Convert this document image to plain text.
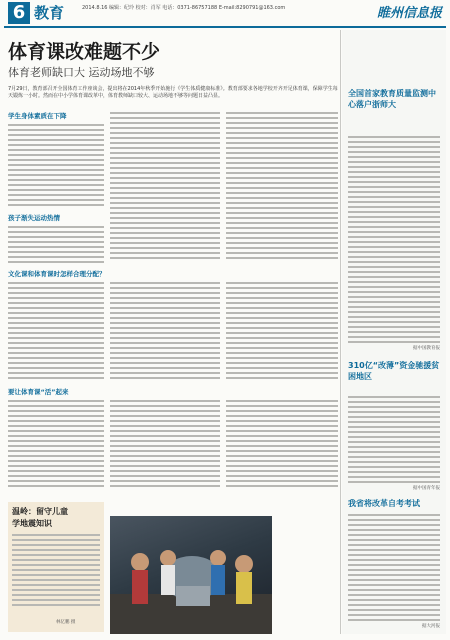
6 教育	2014.8.16 编辑：纪玲 校对：肖军 电话：0371-86757188 E-mail:8290791@163.com	睢州信息报
体育课改难题不少
体育老师缺口大 运动场地不够
7月29日，教育部召开全国体育工作座谈会，提出将在2014年秋季开始施行《学生体质健康标准》。教育部要求各地学校开齐开足体育课，保障学生每天锻炼一小时。然而在中小学体育课改革中，体育教师缺口较大、运动场地不够等问题日益凸显。
学生身体素质在下降
孩子渐失运动热情
文化课和体育课时怎样合理分配？
要让体育课“活”起来
温岭：留守儿童
学地震知识
林亿鹏 摄
全国首家教育质量监测中心落户浙师大
据中国教育报
310亿“改薄”资金驰援贫困地区
据中国青年报
我省将改革自考考试
据大河报
